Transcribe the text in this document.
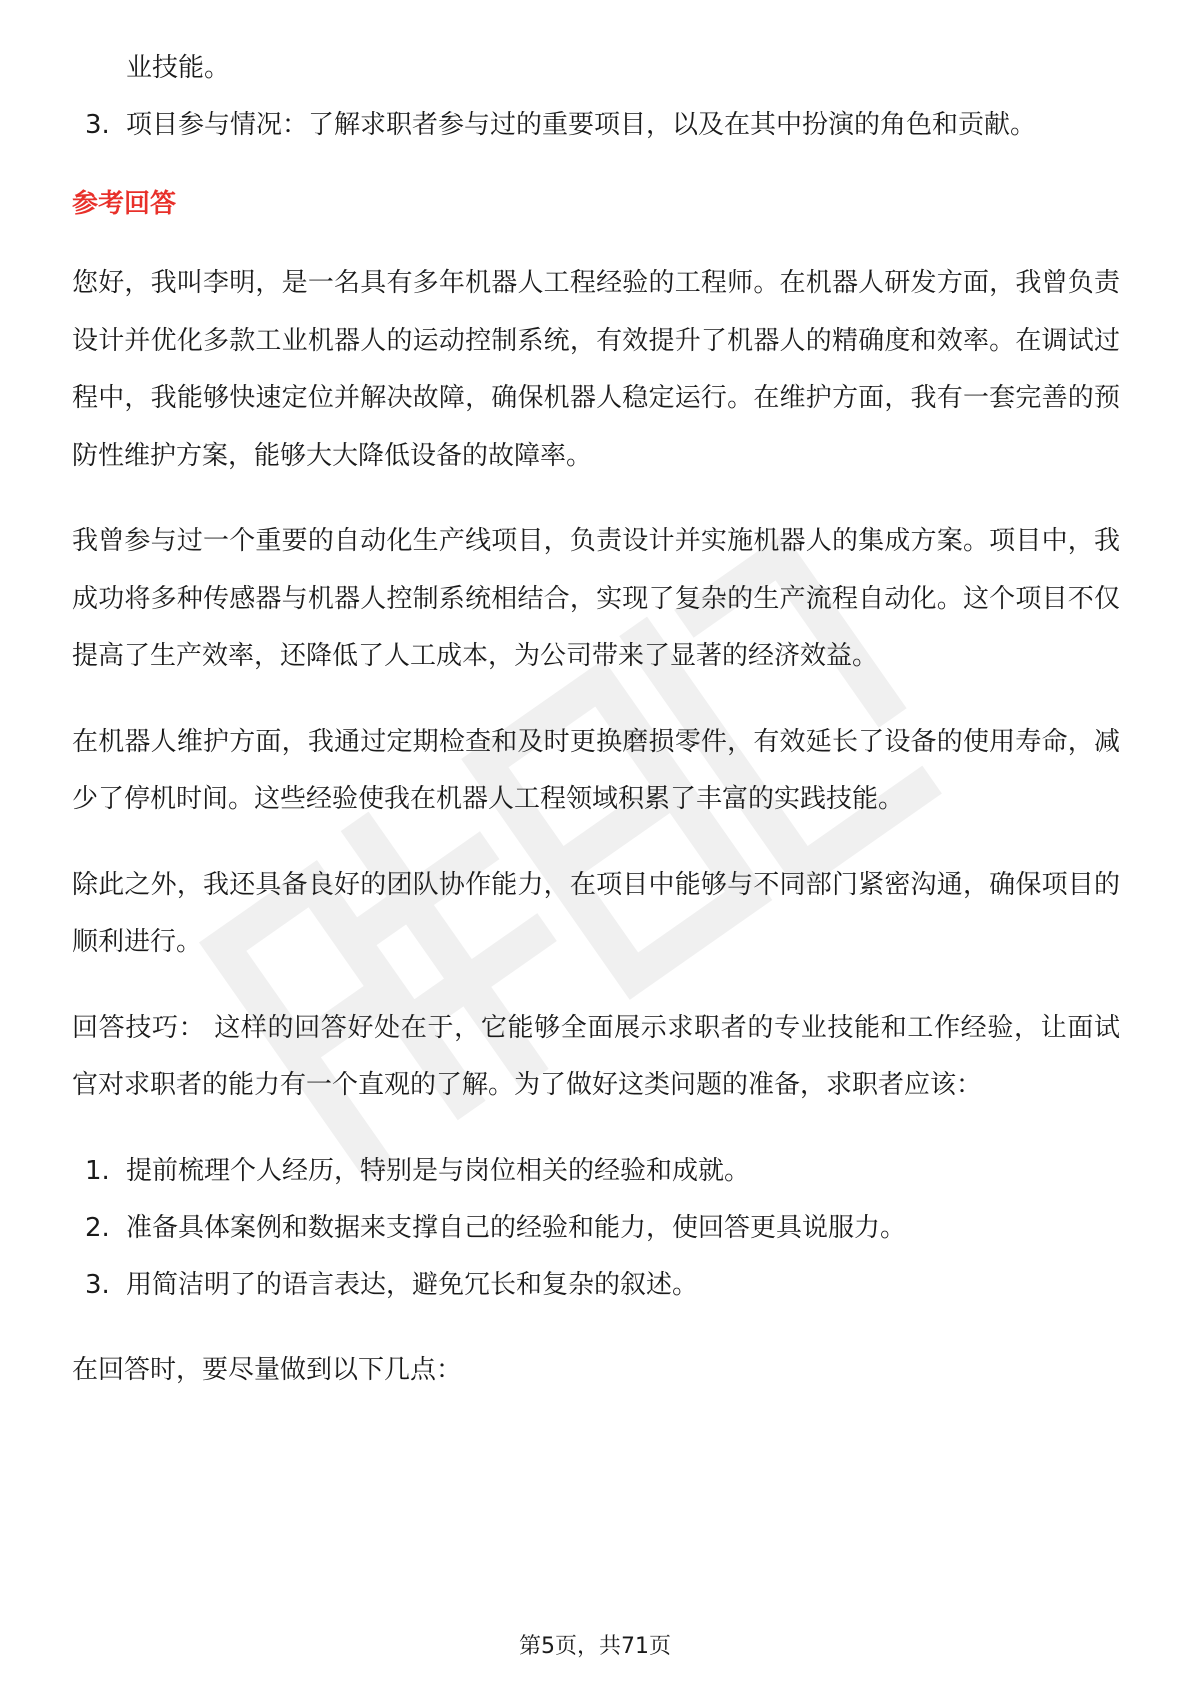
业技能。
3. 项目参与情况：了解求职者参与过的重要项目，以及在其中扮演的角色和贡献。
参考回答

您好，我叫李明，是一名具有多年机器人工程经验的工程师。在机器人研发方面，我曾负责设计并优化多款工业机器人的运动控制系统，有效提升了机器人的精确度和效率。在调试过程中，我能够快速定位并解决故障，确保机器人稳定运行。在维护方面，我有一套完善的预防性维护方案，能够大大降低设备的故障率。

我曾参与过一个重要的自动化生产线项目，负责设计并实施机器人的集成方案。项目中，我成功将多种传感器与机器人控制系统相结合，实现了复杂的生产流程自动化。这个项目不仅提高了生产效率，还降低了人工成本，为公司带来了显著的经济效益。

在机器人维护方面，我通过定期检查和及时更换磨损零件，有效延长了设备的使用寿命，减少了停机时间。这些经验使我在机器人工程领域积累了丰富的实践技能。

除此之外，我还具备良好的团队协作能力，在项目中能够与不同部门紧密沟通，确保项目的顺利进行。

回答技巧： 这样的回答好处在于，它能够全面展示求职者的专业技能和工作经验，让面试官对求职者的能力有一个直观的了解。为了做好这类问题的准备，求职者应该：

1. 提前梳理个人经历，特别是与岗位相关的经验和成就。
2. 准备具体案例和数据来支撑自己的经验和能力，使回答更具说服力。
3. 用简洁明了的语言表达，避免冗长和复杂的叙述。

在回答时，要尽量做到以下几点：

第5页，共71页
